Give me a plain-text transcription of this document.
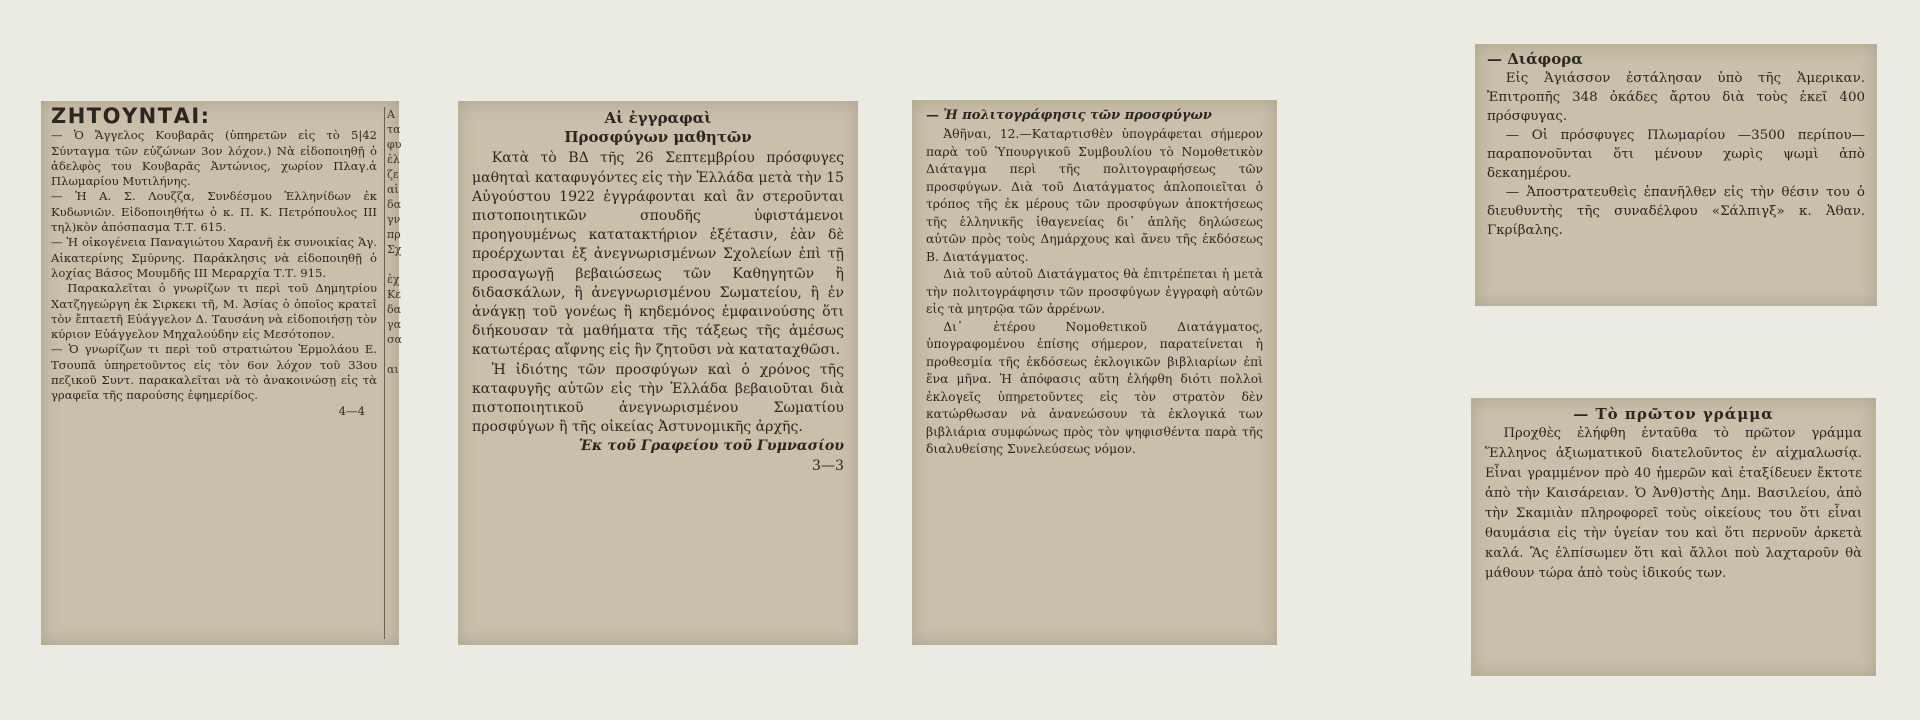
ΖΗΤΟΥΝΤΑΙ:

— Ὁ Ἄγγελος Κουβαρᾶς (ὑπηρετῶν εἰς τὸ 5|42 Σύνταγμα τῶν εὐζώνων 3ον λόχον.) Νὰ εἰδοποιηθῇ ὁ ἀδελφὸς του Κουβαρᾶς Ἀντώνιος, χωρίον Πλαγ.ἀ Πλωμαρίου Μυτιλήνης.

— Ἡ Α. Σ. Λουζζα, Συνδέσμου Ἑλληνίδων ἐκ Κυδωνιῶν. Εἰδοποιηθήτω ὁ κ. Π. Κ. Πετρόπουλος ΙΙΙ τηλ)κὸν ἀπόσπασμα Τ.Τ. 615.

— Ἡ οἰκογένεια Παναγιώτου Χαρανῆ ἐκ συνοικίας Ἁγ. Αἰκατερίνης Σμύρνης. Παράκλησις νὰ εἰδοποιηθῇ ὁ λοχίας Βάσος Μουμδῆς ΙΙΙ Μεραρχία Τ.Τ. 915.

Παρακαλεῖται ὁ γνωρίζων τι περὶ τοῦ Δημητρίου Χατζηγεώργη ἐκ Σιρκεκι τῆ, Μ. Ἀσίας ὁ ὁποῖος κρατεῖ τὸν ἔπταετῆ Εὐάγγελον Δ. Ταυσάνη νὰ εἰδοποιήσῃ τὸν κύριον Εὐάγγελον Μηχαλούδην εἰς Μεσότοπον.

— Ὁ γνωρίζων τι περὶ τοῦ στρατιώτου Ἑρμολάου Ε. Τσουπᾶ ὑπηρετοῦντος εἰς τὸν 6ον λόχον τοῦ 33ου πεζικοῦ Συντ. παρακαλεῖται νὰ τὸ ἀνακοινώσῃ εἰς τὰ γραφεῖα τῆς παρούσης ἐφημερίδος.

4—4
Α
τα
φυ
ἐλ
ζε
αἱ
δα
γν
πρ
Σχ

ἐχ
Κε
δα
γα
σα

αι
Αἱ ἐγγραφαὶ
Προσφύγων μαθητῶν

Κατὰ τὸ ΒΔ τῆς 26 Σεπτεμβρίου πρόσφυγες μαθηταὶ καταφυγόντες εἰς τὴν Ἑλλάδα μετὰ τὴν 15 Αὐγούστου 1922 ἐγγράφονται καὶ ἂν στεροῦνται πιστοποιητικῶν σπουδῆς ὑφιστάμενοι προηγουμένως κατατακτήριον ἐξέτασιν, ἐὰν δὲ προέρχωνται ἐξ ἀνεγνωρισμένων Σχολείων ἐπὶ τῇ προσαγωγῇ βεβαιώσεως τῶν Καθηγητῶν ἢ διδασκάλων, ἢ ἀνεγνωρισμένου Σωματείου, ἢ ἐν ἀνάγκῃ τοῦ γονέως ἢ κηδεμόνος ἐμφαινούσης ὅτι διήκουσαν τὰ μαθήματα τῆς τάξεως τῆς ἀμέσως κατωτέρας αἴφνης εἰς ἣν ζητοῦσι νὰ καταταχθῶσι.

Ἡ ἰδιότης τῶν προσφύγων καὶ ὁ χρόνος τῆς καταφυγῆς αὐτῶν εἰς τὴν Ἑλλάδα βεβαιοῦται διὰ πιστοποιητικοῦ ἀνεγνωρισμένου Σωματίου προσφύγων ἢ τῆς οἰκείας Ἀστυνομικῆς ἀρχῆς.

Ἐκ τοῦ Γραφείου τοῦ Γυμνασίου
3—3
— Ἡ πολιτογράφησις τῶν προσφύγων

Ἀθῆναι, 12.—Καταρτισθὲν ὑπογράφεται σήμερον παρὰ τοῦ Ὑπουργικοῦ Συμβουλίου τὸ Νομοθετικὸν Διάταγμα περὶ τῆς πολιτογραφήσεως τῶν προσφύγων. Διὰ τοῦ Διατάγματος ἁπλοποιεῖται ὁ τρόπος τῆς ἐκ μέρους τῶν προσφύγων ἀποκτήσεως τῆς ἑλληνικῆς ἰθαγενείας δι᾽ ἁπλῆς δηλώσεως αὐτῶν πρὸς τοὺς Δημάρχους καὶ ἄνευ τῆς ἐκδόσεως Β. Διατάγματος.

Διὰ τοῦ αὐτοῦ Διατάγματος θὰ ἐπιτρέπεται ἡ μετὰ τὴν πολιτογράφησιν τῶν προσφύγων ἐγγραφὴ αὐτῶν εἰς τὰ μητρῷα τῶν ἀρρένων.

Δι᾽ ἑτέρου Νομοθετικοῦ Διατάγματος, ὑπογραφομένου ἐπίσης σήμερον, παρατείνεται ἡ προθεσμία τῆς ἐκδόσεως ἐκλογικῶν βιβλιαρίων ἐπὶ ἕνα μῆνα. Ἡ ἀπόφασις αὕτη ἐλήφθη διότι πολλοὶ ἐκλογεῖς ὑπηρετοῦντες εἰς τὸν στρατὸν δὲν κατώρθωσαν νὰ ἀνανεώσουν τὰ ἐκλογικά των βιβλιάρια συμφώνως πρὸς τὸν ψηφισθέντα παρὰ τῆς διαλυθείσης Συνελεύσεως νόμον.

— Διάφορα

Εἰς Ἀγιάσσον ἐστάλησαν ὑπὸ τῆς Ἀμερικαν. Ἐπιτροπῆς 348 ὀκάδες ἄρτου διὰ τοὺς ἐκεῖ 400 πρόσφυγας.

— Οἱ πρόσφυγες Πλωμαρίου —3500 περίπου—παραπονοῦνται ὅτι μένουν χωρὶς ψωμὶ ἀπὸ δεκαημέρου.

— Ἀποστρατευθεὶς ἐπανῆλθεν εἰς τὴν θέσιν του ὁ διευθυντὴς τῆς συναδέλφου «Σάλπιγξ» κ. Ἀθαν. Γκρίβαλης.

— Τὸ πρῶτον γράμμα

Προχθὲς ἐλήφθη ἐνταῦθα τὸ πρῶτον γράμμα Ἕλληνος ἀξιωματικοῦ διατελοῦντος ἐν αἰχμαλωσίᾳ. Εἶναι γραμμένον πρὸ 40 ἡμερῶν καὶ ἐταξίδευεν ἔκτοτε ἀπὸ τὴν Καισάρειαν. Ὁ Ἀνθ)στὴς Δημ. Βασιλείου, ἀπὸ τὴν Σκαμιὰν πληροφορεῖ τοὺς οἰκείους του ὅτι εἶναι θαυμάσια εἰς τὴν ὑγείαν του καὶ ὅτι περνοῦν ἀρκετὰ καλά. Ἂς ἐλπίσωμεν ὅτι καὶ ἄλλοι ποὺ λαχταροῦν θὰ μάθουν τώρα ἀπὸ τοὺς ἰδικούς των.
